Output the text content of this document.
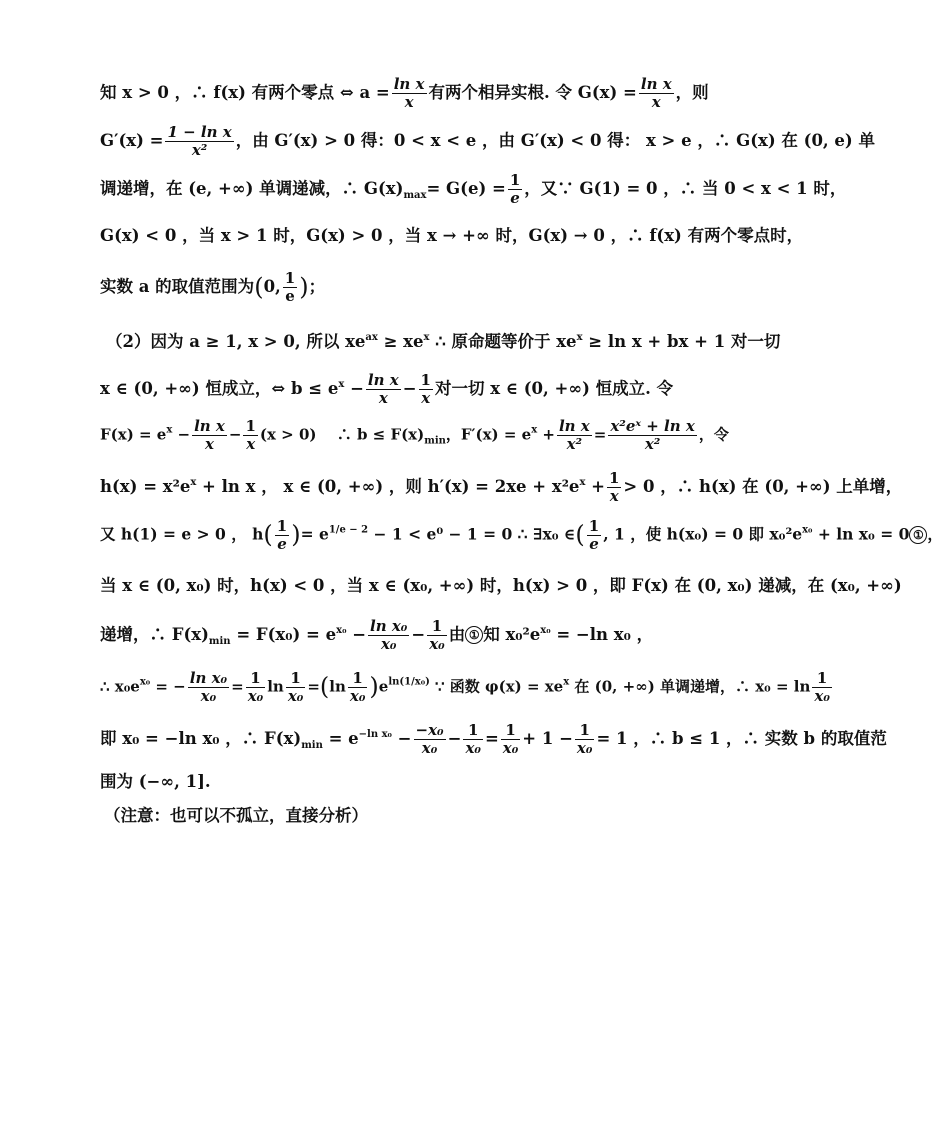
知 x > 0 ，∴ f(x) 有两个零点 ⇔ $a = \frac{\text{ln x}}{x}$ 有两个相异实根. 令 $G(x) = \frac{\text{ln x}}{x}$ ，则
$G'(x) = \frac{\text{1 − ln x}}{\text{x²}}$ ，由 G′(x) > 0 得：0 < x < e ，由 G′(x) < 0 得： x > e ，∴ G(x) 在 (0, e) 单
调递增，在 (e, +∞) 单调递减，∴ $G(x)_{max}= G(e) = \frac{1}{e}$ ，又∵ G(1) = 0 ，∴ 当 0 < x < 1 时，
G(x) < 0 ，当 x > 1 时，G(x) > 0 ，当 x → +∞ 时，G(x) → 0 ，∴ f(x) 有两个零点时，
实数 a 的取值范围为(0, $\frac{1}{e}$ )；
（2）因为 a ≥ 1, x > 0, 所以 $xe^{ax} \ge xe^x$ ∴ 原命题等价于 $xe^x \ge \ln x$ + bx + 1 对一切
x ∈ (0, +∞) 恒成立，⇔ $b \le e^x - \frac{\text{ln x}}{x} - \frac{1}{x}$ 对一切 x ∈ (0, +∞) 恒成立. 令
$F(x) = e^x - \frac{\text{ln x}}{x} - \frac{1}{x} (x > 0)$　 ∴ $b \le F(x)_{min}$，$F'(x) = e^x + \frac{\text{ln x}}{\text{x²}} = \frac{\text{x²eˣ + ln x}}{\text{x²}}$ ，令
$h(x) = x^2e^x + \ln x$ ， x ∈ (0, +∞) ，则 $h'(x) = 2xe + x^2e^x + \frac{1}{x} > 0$ ，∴ h(x) 在 (0, +∞) 上单增，
又 h(1) = e > 0 ， $h( \frac{1}{e}$ )= $e^{1/e - 2} - 1 < e^0 - 1 = 0$ ∴ ∃x₀ ∈( $\frac{1}{e}$ , 1 ，使 h(x₀) = 0 即 $x_0^2e^{x_0} + \ln x_0 = 0$ ① ，
当 x ∈ (0, x₀) 时，h(x) < 0 ，当 x ∈ (x₀, +∞) 时，h(x) > 0 ，即 F(x) 在 (0, x₀) 递减，在 (x₀, +∞)
递增，∴ $F(x)_{min} = F(x_0) = e^{x_0} - \frac{\text{ln x₀}}{\text{x₀}} - \frac{1}{\text{x₀}}$ 由 ① 知 $x_0^2e^{x_0} = -\ln$ x₀ ，
∴ $x_0e^{x_0}$ = − $\frac{\text{ln x₀}}{\text{x₀}} = \frac{1}{\text{x₀}}$ $\ln \frac{1}{\text{x₀}} =(\ln \frac{1}{\text{x₀}} )e^{ln(1/x_0)}$ ∵ 函数 $\varphi(x) = xe^x$ 在 (0, +∞) 单调递增，∴ $x_0 = \ln \frac{1}{\text{x₀}}$
即 x₀ = −ln x₀ ，∴ $F(x)_{min} = e^{-ln x_0} - \frac{\text{−x₀}}{\text{x₀}} - \frac{1}{\text{x₀}} = \frac{1}{\text{x₀}} + 1 - \frac{1}{\text{x₀}} = 1$ ，∴ b ≤ 1 ，∴ 实数 b 的取值范
围为 (−∞, 1].
（注意：也可以不孤立，直接分析）
